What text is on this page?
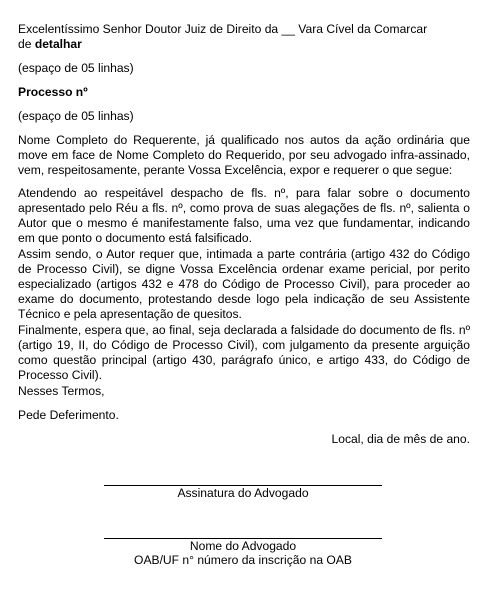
Excelentíssimo Senhor Doutor Juiz de Direito da __ Vara Cível da Comarcar
de detalhar

(espaço de 05 linhas)

Processo nº

(espaço de 05 linhas)

Nome Completo do Requerente, já qualificado nos autos da ação ordinária que move em face de Nome Completo do Requerido, por seu advogado infra-assinado, vem, respeitosamente, perante Vossa Excelência, expor e requerer o que segue:

Atendendo ao respeitável despacho de fls. nº, para falar sobre o documento apresentado pelo Réu a fls. nº, como prova de suas alegações de fls. nº, salienta o Autor que o mesmo é manifestamente falso, uma vez que fundamentar, indicando em que ponto o documento está falsificado.

Assim sendo, o Autor requer que, intimada a parte contrária (artigo 432 do Código de Processo Civil), se digne Vossa Excelência ordenar exame pericial, por perito especializado (artigos 432 e 478 do Código de Processo Civil), para proceder ao exame do documento, protestando desde logo pela indicação de seu Assistente Técnico e pela apresentação de quesitos.

Finalmente, espera que, ao final, seja declarada a falsidade do documento de fls. nº (artigo 19, II, do Código de Processo Civil), com julgamento da presente arguição como questão principal (artigo 430, parágrafo único, e artigo 433, do Código de Processo Civil).

Nesses Termos,

Pede Deferimento.

Local, dia de mês de ano.

Assinatura do Advogado

Nome do Advogado

OAB/UF n° número da inscrição na OAB
